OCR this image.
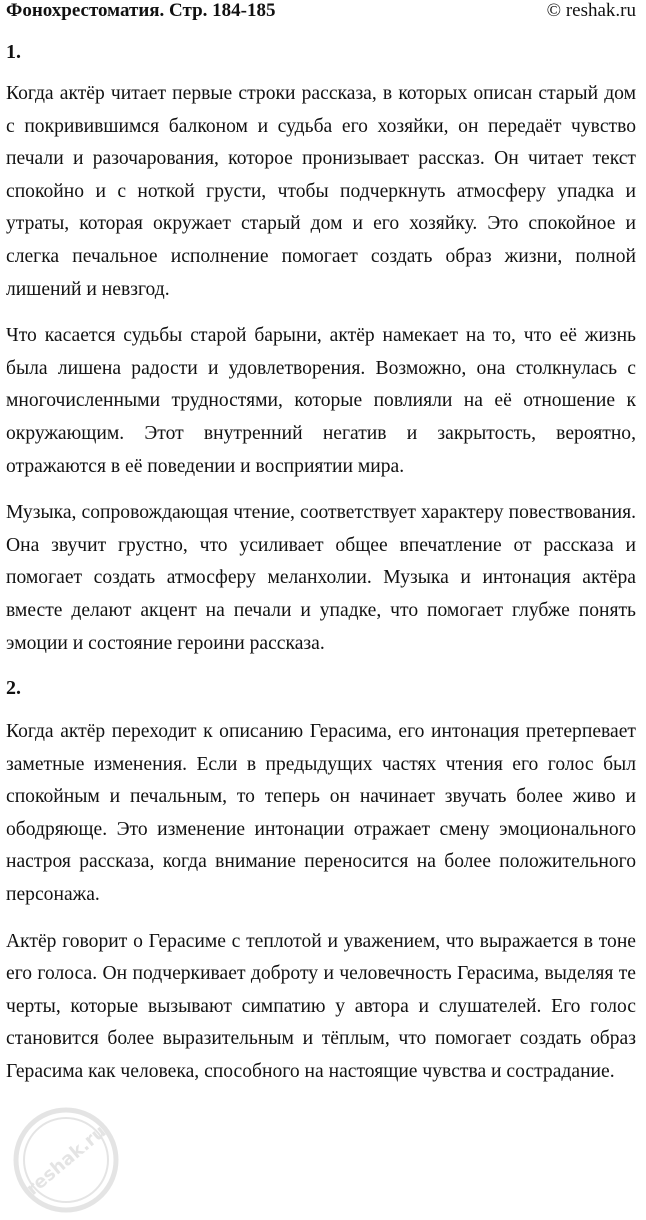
Фонохрестоматия. Стр. 184-185	© reshak.ru
1.

Когда актёр читает первые строки рассказа, в которых описан старый дом с покривившимся балконом и судьба его хозяйки, он передаёт чувство печали и разочарования, которое пронизывает рассказ. Он читает текст спокойно и с ноткой грусти, чтобы подчеркнуть атмосферу упадка и утраты, которая окружает старый дом и его хозяйку. Это спокойное и слегка печальное исполнение помогает создать образ жизни, полной лишений и невзгод.

Что касается судьбы старой барыни, актёр намекает на то, что её жизнь была лишена радости и удовлетворения. Возможно, она столкнулась с многочисленными трудностями, которые повлияли на её отношение к окружающим. Этот внутренний негатив и закрытость, вероятно, отражаются в её поведении и восприятии мира.

Музыка, сопровождающая чтение, соответствует характеру повествования. Она звучит грустно, что усиливает общее впечатление от рассказа и помогает создать атмосферу меланхолии. Музыка и интонация актёра вместе делают акцент на печали и упадке, что помогает глубже понять эмоции и состояние героини рассказа.

2.

Когда актёр переходит к описанию Герасима, его интонация претерпевает заметные изменения. Если в предыдущих частях чтения его голос был спокойным и печальным, то теперь он начинает звучать более живо и ободряюще. Это изменение интонации отражает смену эмоционального настроя рассказа, когда внимание переносится на более положительного персонажа.

Актёр говорит о Герасиме с теплотой и уважением, что выражается в тоне его голоса. Он подчеркивает доброту и человечность Герасима, выделяя те черты, которые вызывают симпатию у автора и слушателей. Его голос становится более выразительным и тёплым, что помогает создать образ Герасима как человека, способного на настоящие чувства и сострадание.

reshak.ru
